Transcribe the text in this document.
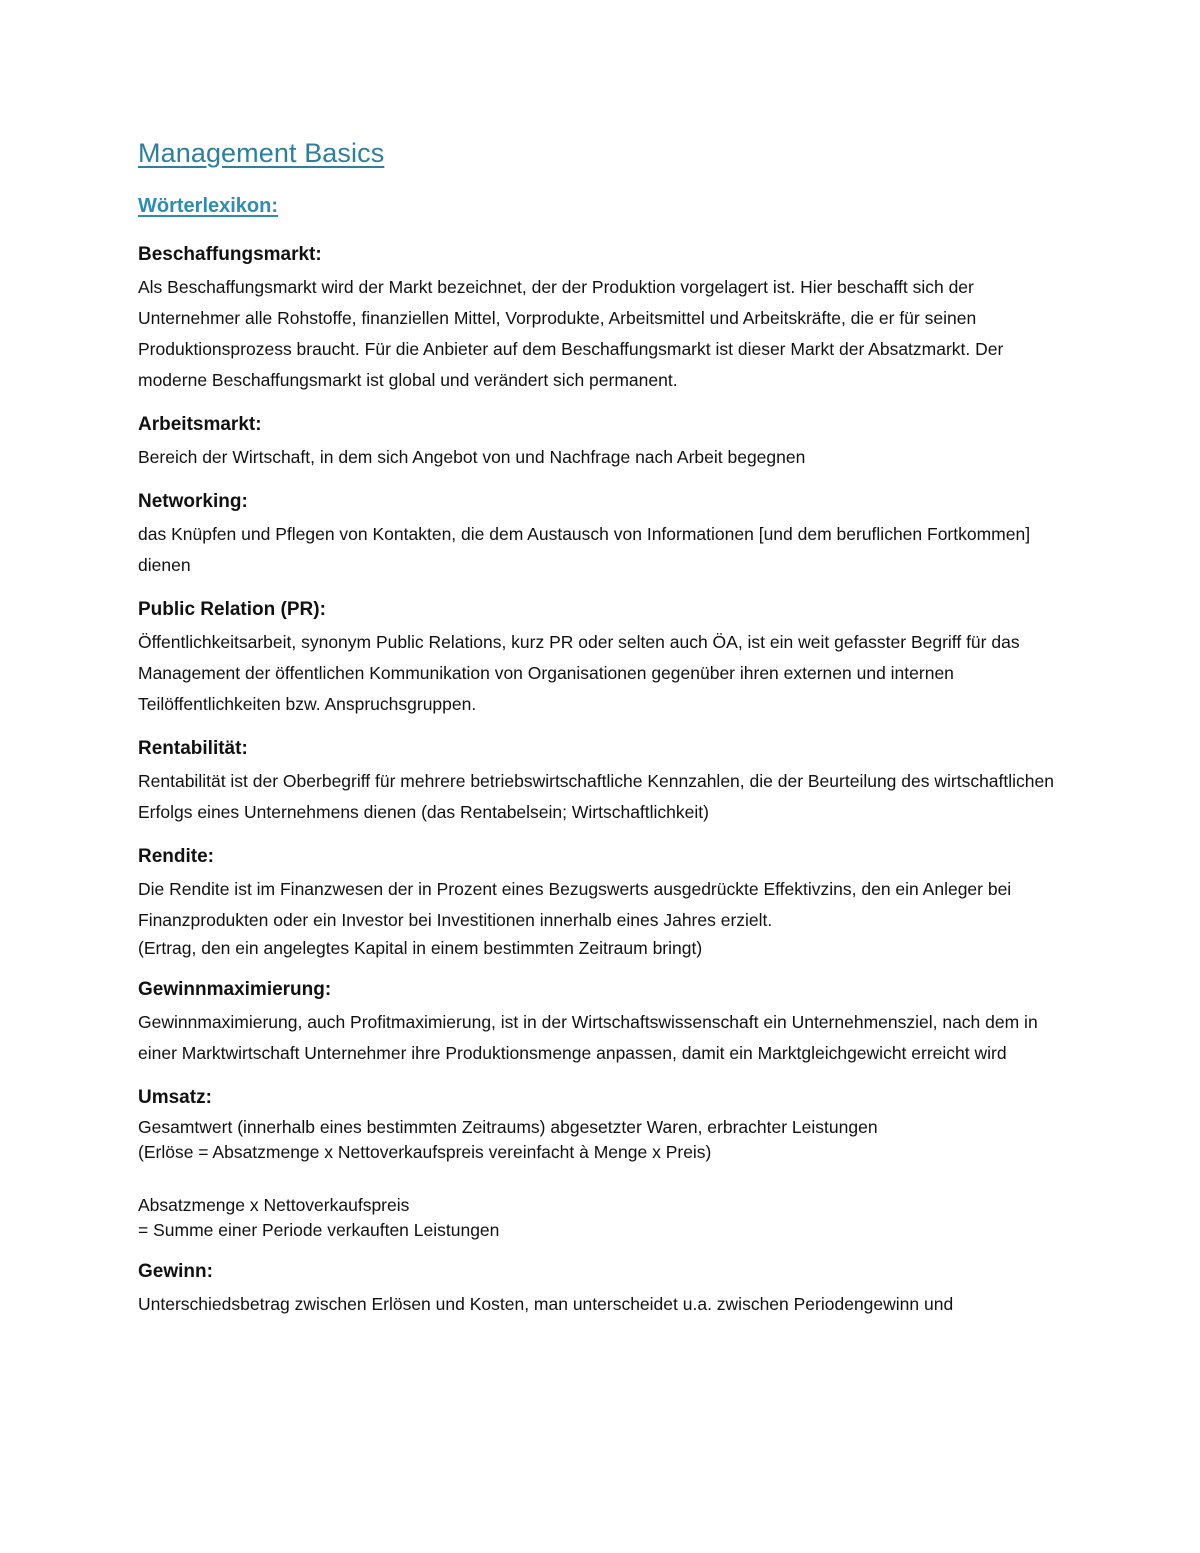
Management Basics
Wörterlexikon:
Beschaffungsmarkt:

Als Beschaffungsmarkt wird der Markt bezeichnet, der der Produktion vorgelagert ist. Hier beschafft sich der Unternehmer alle Rohstoffe, finanziellen Mittel, Vorprodukte, Arbeitsmittel und Arbeitskräfte, die er für seinen Produktionsprozess braucht. Für die Anbieter auf dem Beschaffungsmarkt ist dieser Markt der Absatzmarkt. Der moderne Beschaffungsmarkt ist global und verändert sich permanent.

Arbeitsmarkt:

Bereich der Wirtschaft, in dem sich Angebot von und Nachfrage nach Arbeit begegnen

Networking:

das Knüpfen und Pflegen von Kontakten, die dem Austausch von Informationen [und dem beruflichen Fortkommen] dienen

Public Relation (PR):

Öffentlichkeitsarbeit, synonym Public Relations, kurz PR oder selten auch ÖA, ist ein weit gefasster Begriff für das Management der öffentlichen Kommunikation von Organisationen gegenüber ihren externen und internen Teilöffentlichkeiten bzw. Anspruchsgruppen.

Rentabilität:

Rentabilität ist der Oberbegriff für mehrere betriebswirtschaftliche Kennzahlen, die der Beurteilung des wirtschaftlichen Erfolgs eines Unternehmens dienen (das Rentabelsein; Wirtschaftlichkeit)

Rendite:

Die Rendite ist im Finanzwesen der in Prozent eines Bezugswerts ausgedrückte Effektivzins, den ein Anleger bei Finanzprodukten oder ein Investor bei Investitionen innerhalb eines Jahres erzielt.

(Ertrag, den ein angelegtes Kapital in einem bestimmten Zeitraum bringt)

Gewinnmaximierung:

Gewinnmaximierung, auch Profitmaximierung, ist in der Wirtschaftswissenschaft ein Unternehmensziel, nach dem in einer Marktwirtschaft Unternehmer ihre Produktionsmenge anpassen, damit ein Marktgleichgewicht erreicht wird

Umsatz:

Gesamtwert (innerhalb eines bestimmten Zeitraums) abgesetzter Waren, erbrachter Leistungen

(Erlöse = Absatzmenge x Nettoverkaufspreis vereinfacht à Menge x Preis)

Absatzmenge x Nettoverkaufspreis

= Summe einer Periode verkauften Leistungen

Gewinn:

Unterschiedsbetrag zwischen Erlösen und Kosten, man unterscheidet u.a. zwischen Periodengewinn und
